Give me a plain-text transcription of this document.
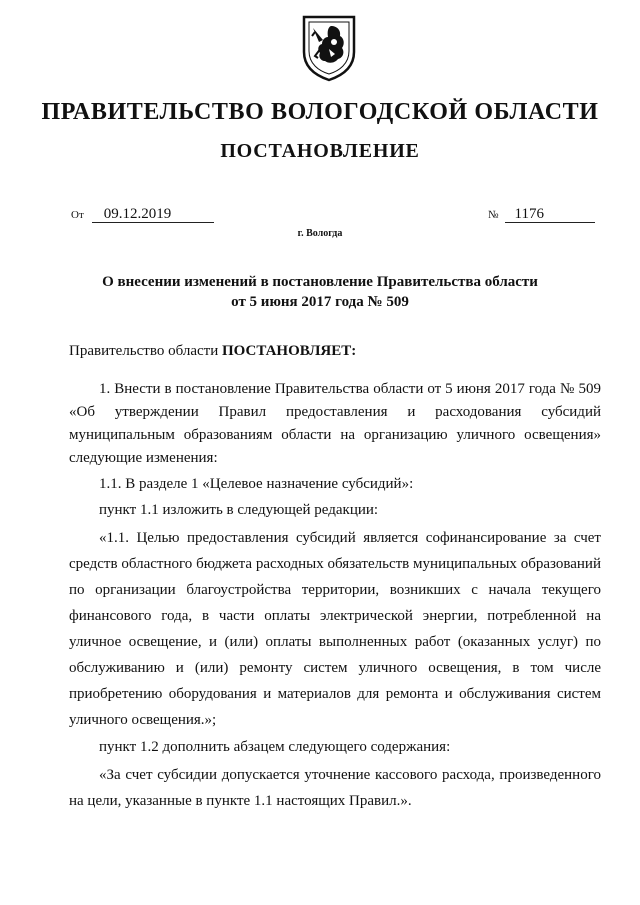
ПРАВИТЕЛЬСТВО ВОЛОГОДСКОЙ ОБЛАСТИ
ПОСТАНОВЛЕНИЕ
От	09.12.2019	№	1176
г. Вологда
О внесении изменений в постановление Правительства области
от 5 июня 2017 года № 509
Правительство области ПОСТАНОВЛЯЕТ:

1. Внести в постановление Правительства области от 5 июня 2017 года № 509 «Об утверждении Правил предоставления и расходования субсидий муниципальным образованиям области на организацию уличного освещения» следующие изменения:

1.1. В разделе 1 «Целевое назначение субсидий»:

пункт 1.1 изложить в следующей редакции:

«1.1. Целью предоставления субсидий является софинансирование за счет средств областного бюджета расходных обязательств муниципальных образований по организации благоустройства территории, возникших с начала текущего финансового года, в части оплаты электрической энергии, потребленной на уличное освещение, и (или) оплаты выполненных работ (оказанных услуг) по обслуживанию и (или) ремонту систем уличного освещения, в том числе приобретению оборудования и материалов для ремонта и обслуживания систем уличного освещения.»;

пункт 1.2 дополнить абзацем следующего содержания:

«За счет субсидии допускается уточнение кассового расхода, произведенного на цели, указанные в пункте 1.1 настоящих Правил.».
